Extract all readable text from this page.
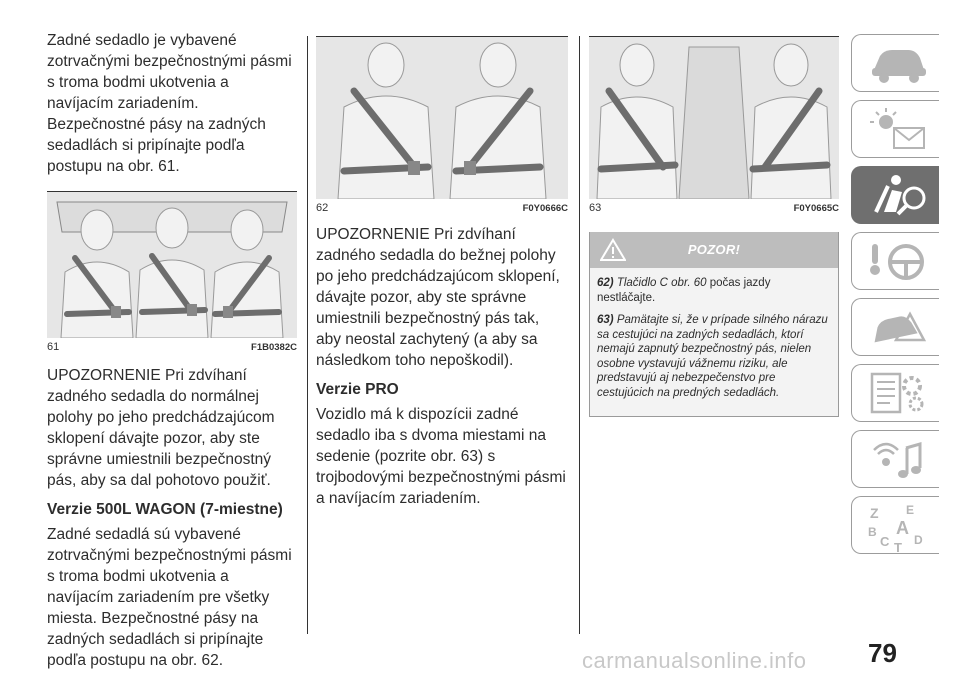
Zadné sedadlo je vybavené zotrvačnými bezpečnostnými pásmi s troma bodmi ukotvenia a navíjacím zariadením. Bezpečnostné pásy na zadných sedadlách si pripínajte podľa postupu na obr. 61.

61	F1B0382C

UPOZORNENIE Pri zdvíhaní zadného sedadla do normálnej polohy po jeho predchádzajúcom sklopení dávajte pozor, aby ste správne umiestnili bezpečnostný pás, aby sa dal pohotovo použiť.

Verzie 500L WAGON (7-miestne)

Zadné sedadlá sú vybavené zotrvačnými bezpečnostnými pásmi s troma bodmi ukotvenia a navíjacím zariadením pre všetky miesta. Bezpečnostné pásy na zadných sedadlách si pripínajte podľa postupu na obr. 62.

62	F0Y0666C

UPOZORNENIE Pri zdvíhaní zadného sedadla do bežnej polohy po jeho predchádzajúcom sklopení, dávajte pozor, aby ste správne umiestnili bezpečnostný pás tak, aby neostal zachytený (a aby sa následkom toho nepoškodil).

Verzie PRO

Vozidlo má k dispozícii zadné sedadlo iba s dvoma miestami na sedenie (pozrite obr. 63) s trojbodovými bezpečnostnými pásmi a navíjacím zariadením.

63	F0Y0665C
POZOR!

62) Tlačidlo C obr. 60 počas jazdy nestláčajte.

63) Pamätajte si, že v prípade silného nárazu sa cestujúci na zadných sedadlách, ktorí nemajú zapnutý bezpečnostný pás, nielen osobne vystavujú vážnemu riziku, ale predstavujú aj nebezpečenstvo pre cestujúcich na predných sedadlách.

Z E
B A
C D
T
79
carmanualsonline.info
